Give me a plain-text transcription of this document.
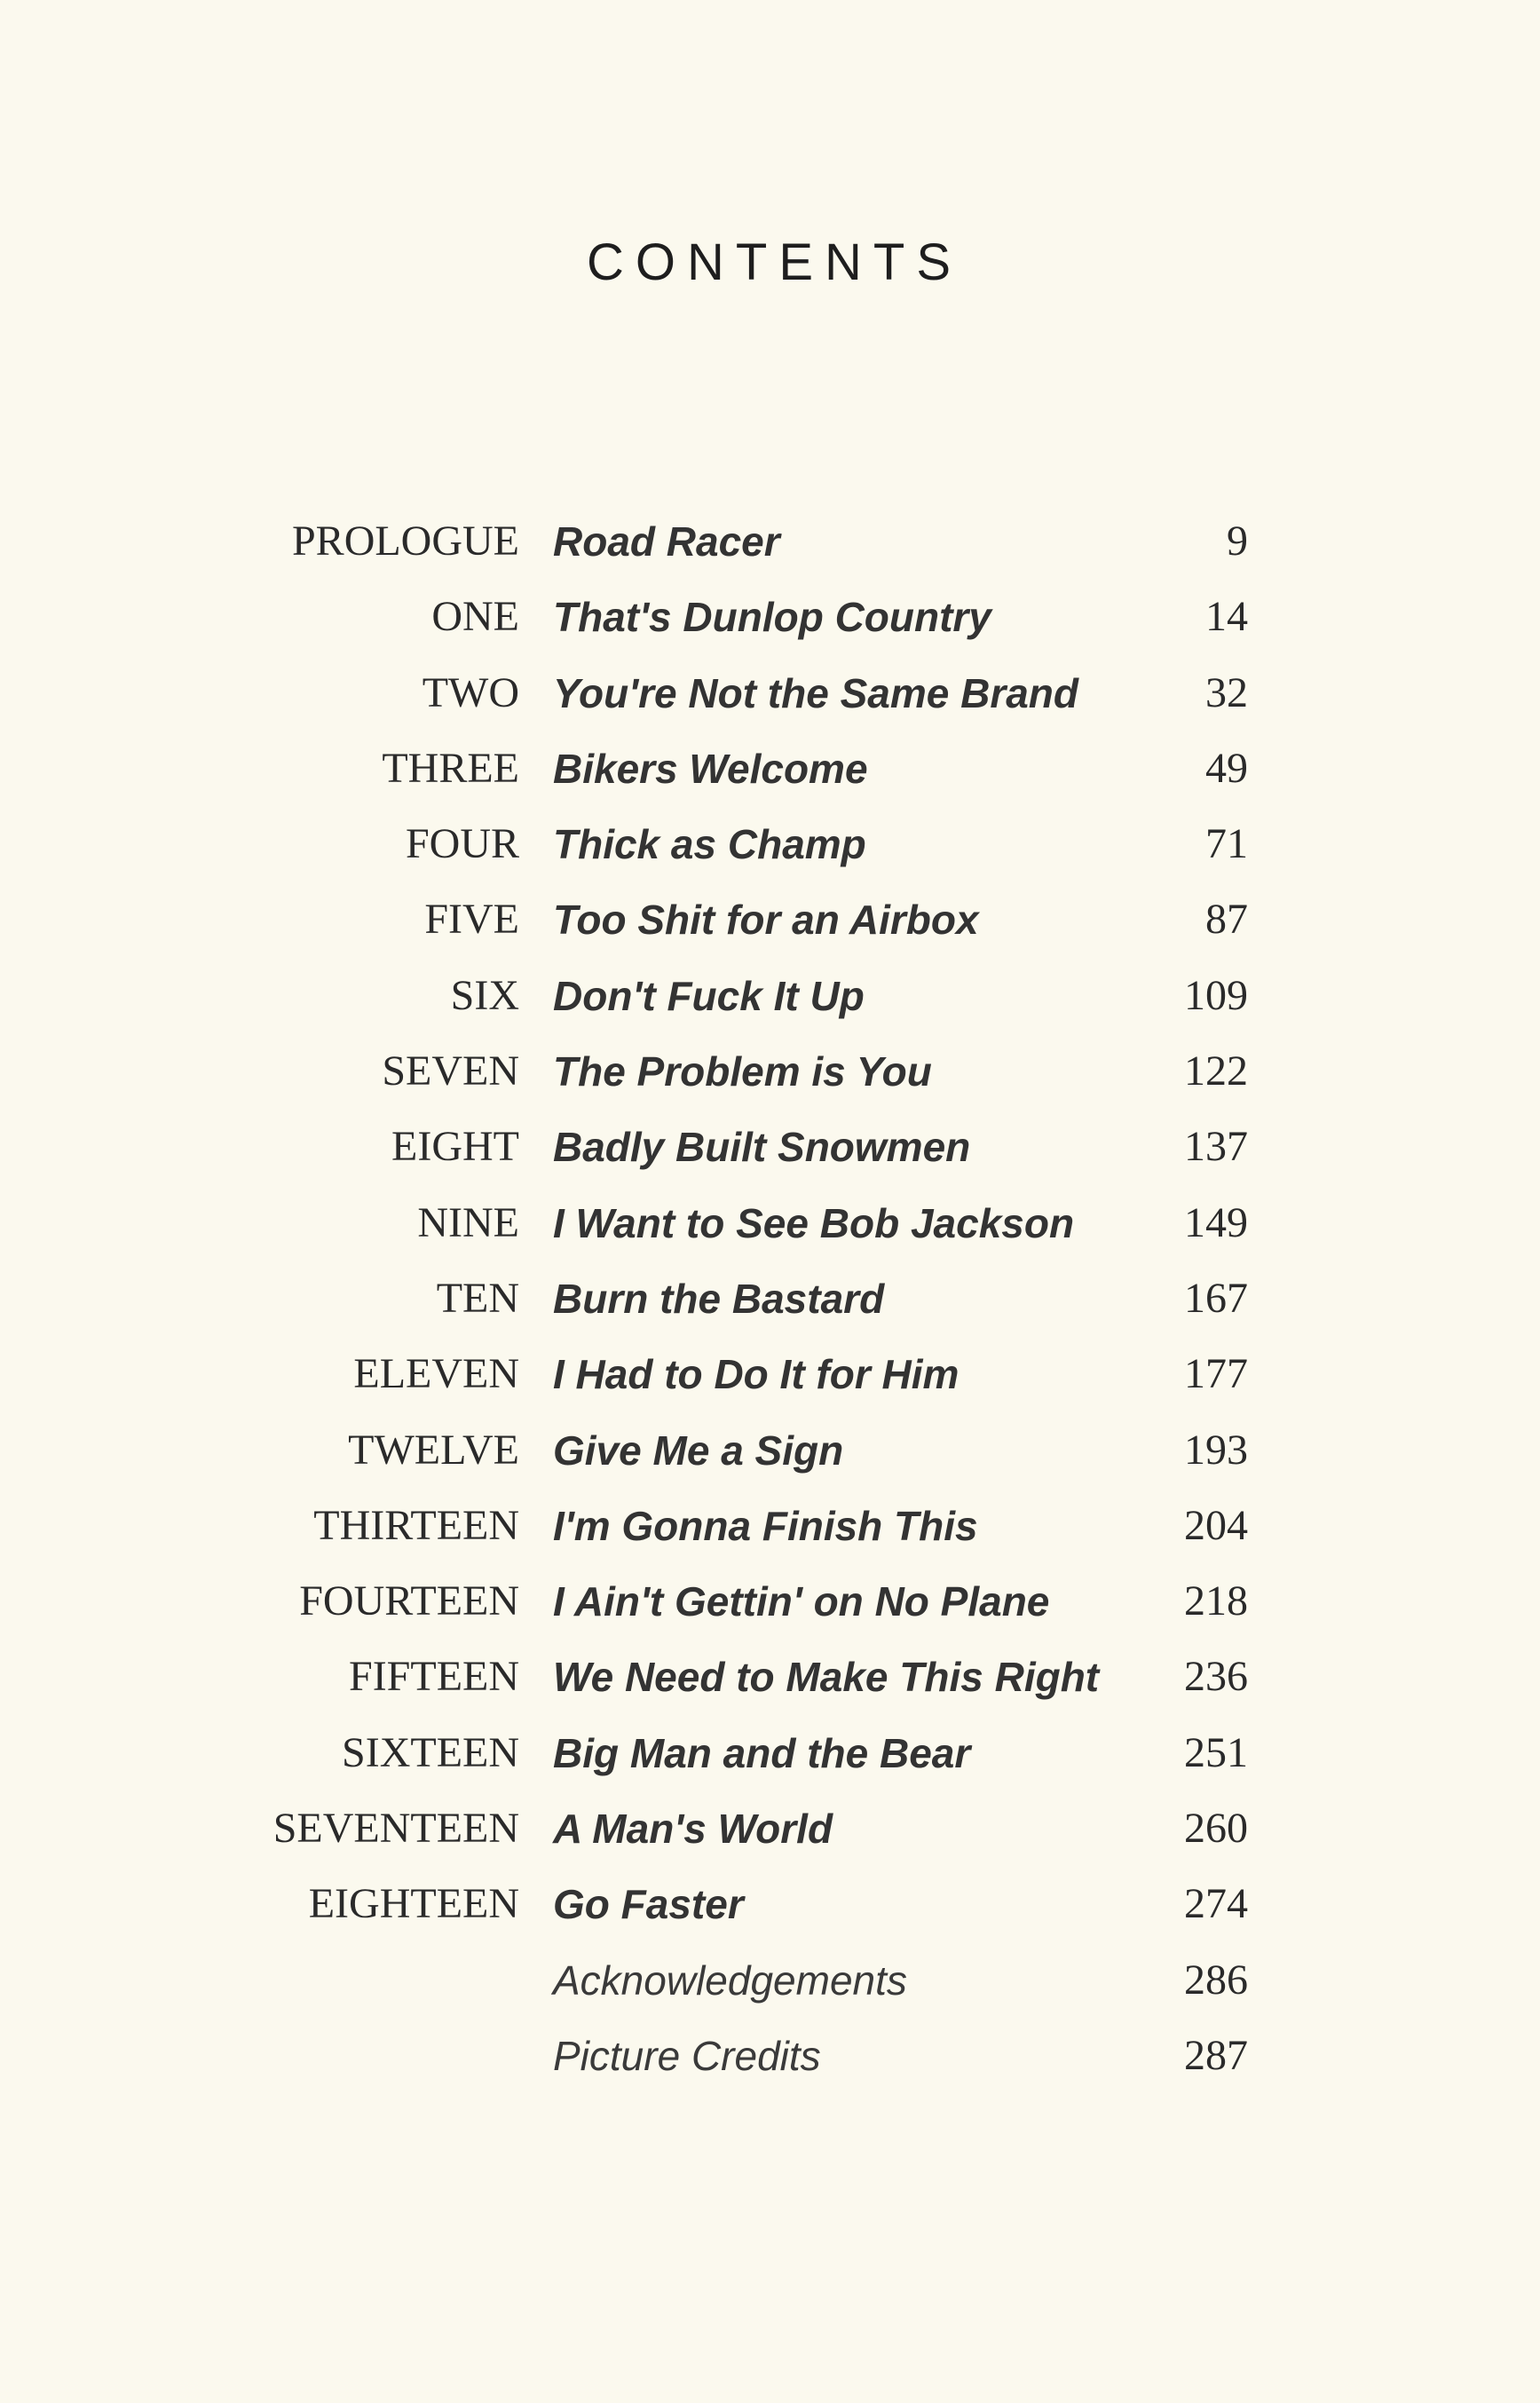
CONTENTS
PROLOGUE Road Racer	9
ONE That's Dunlop Country	14
TWO You're Not the Same Brand	32
THREE Bikers Welcome	49
FOUR Thick as Champ	71
FIVE Too Shit for an Airbox	87
SIX Don't Fuck It Up	109
SEVEN The Problem is You	122
EIGHT Badly Built Snowmen	137
NINE I Want to See Bob Jackson	149
TEN Burn the Bastard	167
ELEVEN I Had to Do It for Him	177
TWELVE Give Me a Sign	193
THIRTEEN I'm Gonna Finish This	204
FOURTEEN I Ain't Gettin' on No Plane	218
FIFTEEN We Need to Make This Right 236
SIXTEEN Big Man and the Bear	251
SEVENTEEN A Man's World	260
EIGHTEEN Go Faster	274
Acknowledgements	286
Picture Credits	287
